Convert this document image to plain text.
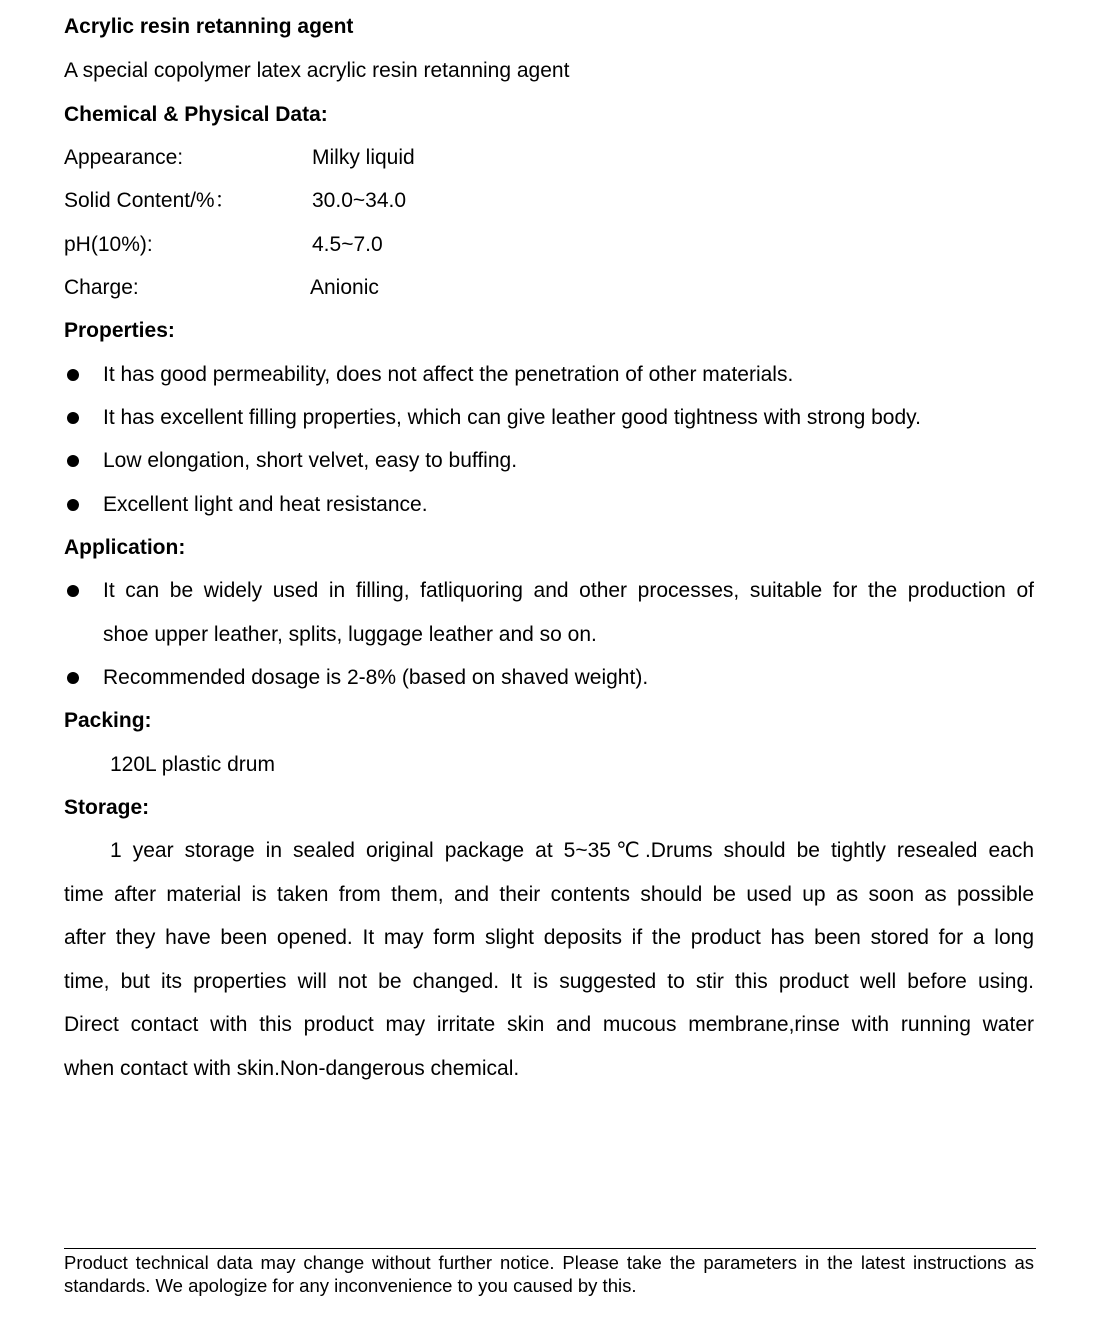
Acrylic resin retanning agent
A special copolymer latex acrylic resin retanning agent
Chemical & Physical Data:
Appearance:	Milky liquid
Solid Content/%：	30.0~34.0
pH(10%):	4.5~7.0
Charge:	Anionic
Properties:
It has good permeability, does not affect the penetration of other materials.
It has excellent filling properties, which can give leather good tightness with strong body.
Low elongation, short velvet, easy to buffing.
Excellent light and heat resistance.
Application:
It can be widely used in filling, fatliquoring and other processes, suitable for the production of
shoe upper leather, splits, luggage leather and so on.
Recommended dosage is 2-8% (based on shaved weight).
Packing:
120L plastic drum
Storage:
1 year storage in sealed original package at 5~35℃.Drums should be tightly resealed each
time after material is taken from them, and their contents should be used up as soon as possible
after they have been opened. It may form slight deposits if the product has been stored for a long
time, but its properties will not be changed. It is suggested to stir this product well before using.
Direct contact with this product may irritate skin and mucous membrane,rinse with running water
when contact with skin.Non-dangerous chemical.
Product technical data may change without further notice. Please take the parameters in the latest instructions as
standards. We apologize for any inconvenience to you caused by this.
